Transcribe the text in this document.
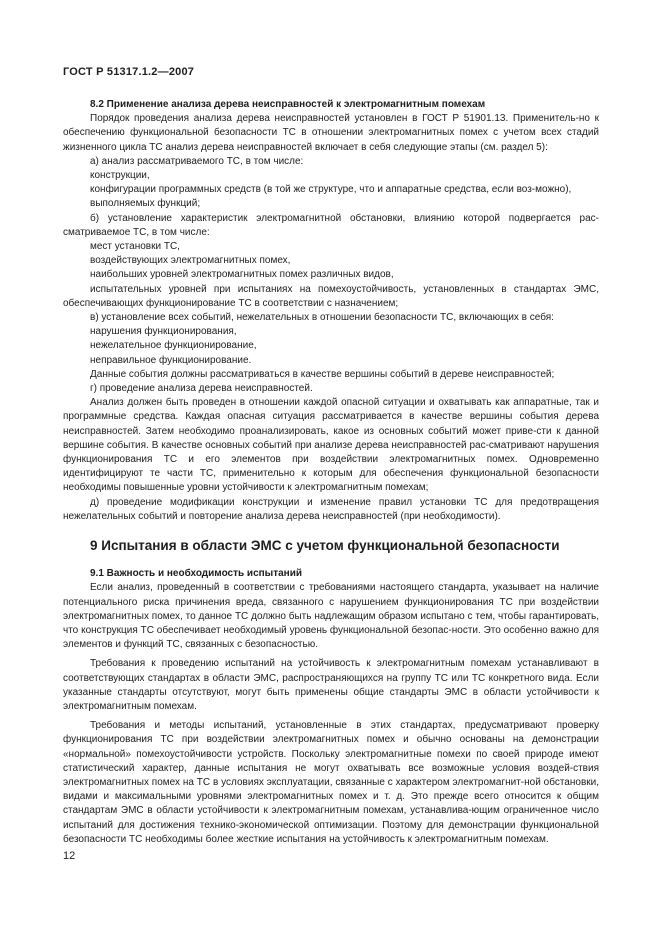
ГОСТ Р 51317.1.2—2007

8.2 Применение анализа дерева неисправностей к электромагнитным помехам

Порядок проведения анализа дерева неисправностей установлен в ГОСТ Р 51901.13. Применитель-но к обеспечению функциональной безопасности ТС в отношении электромагнитных помех с учетом всех стадий жизненного цикла ТС анализ дерева неисправностей включает в себя следующие этапы (см. раздел 5):

а) анализ рассматриваемого ТС, в том числе:

конструкции,

конфигурации программных средств (в той же структуре, что и аппаратные средства, если воз-можно),

выполняемых функций;

б) установление характеристик электромагнитной обстановки, влиянию которой подвергается рас-сматриваемое ТС, в том числе:

мест установки ТС,

воздействующих электромагнитных помех,

наибольших уровней электромагнитных помех различных видов,

испытательных уровней при испытаниях на помехоустойчивость, установленных в стандартах ЭМС, обеспечивающих функционирование ТС в соответствии с назначением;

в) установление всех событий, нежелательных в отношении безопасности ТС, включающих в себя:

нарушения функционирования,

нежелательное функционирование,

неправильное функционирование.

Данные события должны рассматриваться в качестве вершины событий в дереве неисправностей;

г) проведение анализа дерева неисправностей.

Анализ должен быть проведен в отношении каждой опасной ситуации и охватывать как аппаратные, так и программные средства. Каждая опасная ситуация рассматривается в качестве вершины события дерева неисправностей. Затем необходимо проанализировать, какое из основных событий может приве-сти к данной вершине события. В качестве основных событий при анализе дерева неисправностей рас-сматривают нарушения функционирования ТС и его элементов при воздействии электромагнитных помех. Одновременно идентифицируют те части ТС, применительно к которым для обеспечения функциональной безопасности необходимы повышенные уровни устойчивости к электромагнитным помехам;

д) проведение модификации конструкции и изменение правил установки ТС для предотвращения нежелательных событий и повторение анализа дерева неисправностей (при необходимости).

9 Испытания в области ЭМС с учетом функциональной безопасности

9.1 Важность и необходимость испытаний

Если анализ, проведенный в соответствии с требованиями настоящего стандарта, указывает на наличие потенциального риска причинения вреда, связанного с нарушением функционирования ТС при воздействии электромагнитных помех, то данное ТС должно быть надлежащим образом испытано с тем, чтобы гарантировать, что конструкция ТС обеспечивает необходимый уровень функциональной безопас-ности. Это особенно важно для элементов и функций ТС, связанных с безопасностью.

Требования к проведению испытаний на устойчивость к электромагнитным помехам устанавливают в соответствующих стандартах в области ЭМС, распространяющихся на группу ТС или ТС конкретного вида. Если указанные стандарты отсутствуют, могут быть применены общие стандарты ЭМС в области устойчивости к электромагнитным помехам.

Требования и методы испытаний, установленные в этих стандартах, предусматривают проверку функционирования ТС при воздействии электромагнитных помех и обычно основаны на демонстрации «нормальной» помехоустойчивости устройств. Поскольку электромагнитные помехи по своей природе имеют статистический характер, данные испытания не могут охватывать все возможные условия воздей-ствия электромагнитных помех на ТС в условиях эксплуатации, связанные с характером электромагнит-ной обстановки, видами и максимальными уровнями электромагнитных помех и т. д. Это прежде всего относится к общим стандартам ЭМС в области устойчивости к электромагнитным помехам, устанавлива-ющим ограниченное число испытаний для достижения технико-экономической оптимизации. Поэтому для демонстрации функциональной безопасности ТС необходимы более жесткие испытания на устойчивость к электромагнитным помехам.

12
